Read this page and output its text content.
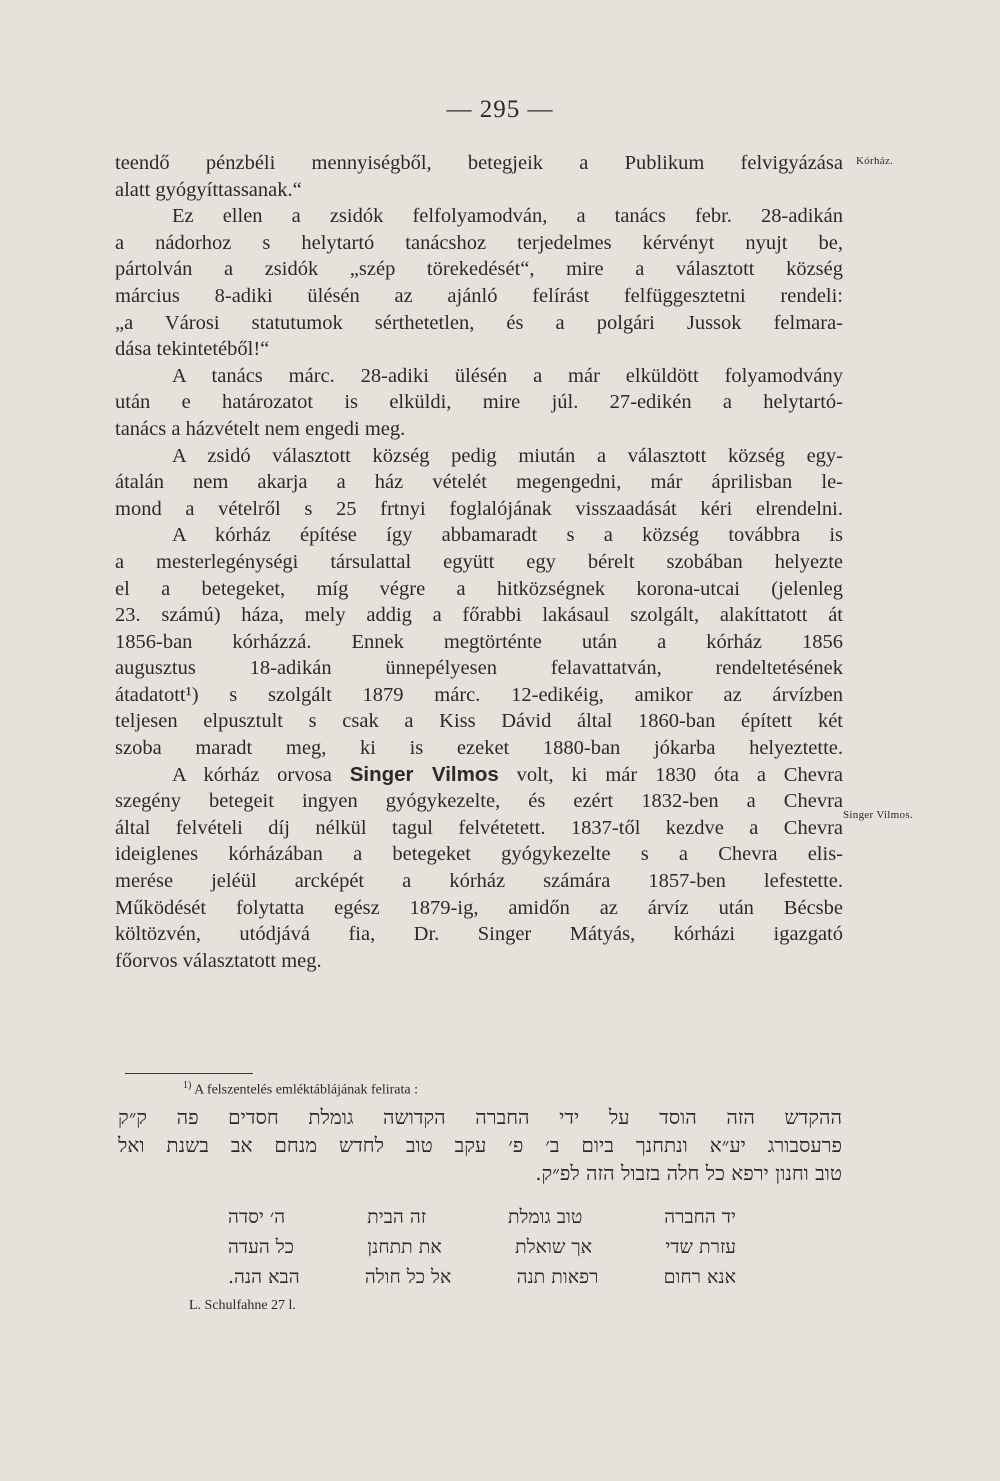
— 295 —
Kórház.
Singer Vilmos.
teendő pénzbéli mennyiségből, betegjeik a Publikum felvigyázása
alatt gyógyíttassanak.“
Ez ellen a zsidók felfolyamodván, a tanács febr. 28-adikán
a nádorhoz s helytartó tanácshoz terjedelmes kérvényt nyujt be,
pártolván a zsidók „szép törekedését“, mire a választott község
március 8-adiki ülésén az ajánló felírást felfüggesztetni rendeli:
„a Városi statutumok sérthetetlen, és a polgári Jussok felmara-
dása tekintetéből!“
A tanács márc. 28-adiki ülésén a már elküldött folyamodvány
után e határozatot is elküldi, mire júl. 27-edikén a helytartó-
tanács a házvételt nem engedi meg.
A zsidó választott község pedig miután a választott község egy-
átalán nem akarja a ház vételét megengedni, már áprilisban le-
mond a vételről s 25 frtnyi foglalójának visszaadását kéri elrendelni.
A kórház építése így abbamaradt s a község továbbra is
a mesterlegénységi társulattal együtt egy bérelt szobában helyezte
el a betegeket, míg végre a hitközségnek korona-utcai (jelenleg
23. számú) háza, mely addig a főrabbi lakásaul szolgált, alakíttatott át
1856-ban kórházzá. Ennek megtörténte után a kórház 1856
augusztus 18-adikán ünnepélyesen felavattatván, rendeltetésének
átadatott¹) s szolgált 1879 márc. 12-edikéig, amikor az árvízben
teljesen elpusztult s csak a Kiss Dávid által 1860-ban épített két
szoba maradt meg, ki is ezeket 1880-ban jókarba helyeztette.
A kórház orvosa Singer Vilmos volt, ki már 1830 óta a Chevra
szegény betegeit ingyen gyógykezelte, és ezért 1832-ben a Chevra
által felvételi díj nélkül tagul felvétetett. 1837-től kezdve a Chevra
ideiglenes kórházában a betegeket gyógykezelte s a Chevra elis-
merése jeléül arcképét a kórház számára 1857-ben lefestette.
Működését folytatta egész 1879-ig, amidőn az árvíz után Bécsbe
költözvén, utódjává fia, Dr. Singer Mátyás, kórházi igazgató
főorvos választatott meg.
$^{1)}$ A felszentelés emléktáblájának felirata :
ההקדש הזה הוסד על ידי החברה הקדושה גומלת חסדים פה ק״ק
פרעסבורג יע״א ונתחנך ביום ב׳ פ׳ עקב טוב לחדש מנחם אב בשנת ואל
טוב וחנון ירפא כל חלה בזבול הזה לפ״ק.
יד החברה
טוב גומלת
זה הבית
ה׳ יסדה
עזרת שדי
אך שואלת
את תתחנן
כל העדה
אנא רחום
רפאות תנה
אל כל חולה
הבא הנה.
L. Schulfahne 27 l.
